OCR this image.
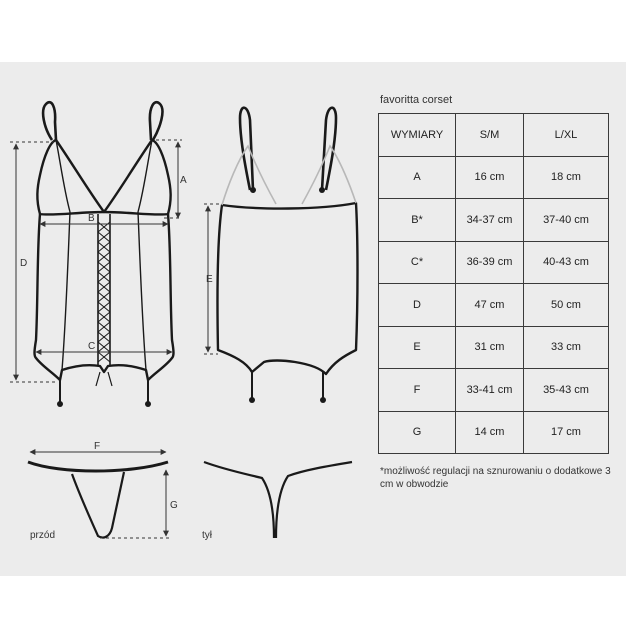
A
B
C
D
E
F
G
przód	tył
favoritta corset
WYMIARY	S/M	L/XL
A	16 cm	18 cm
B*	34-37 cm	37-40 cm
C*	36-39 cm	40-43 cm
D	47 cm	50 cm
E	31 cm	33 cm
F	33-41 cm	35-43 cm
G	14 cm	17 cm
*możliwość regulacji na sznurowaniu o dodatkowe 3 cm w obwodzie
